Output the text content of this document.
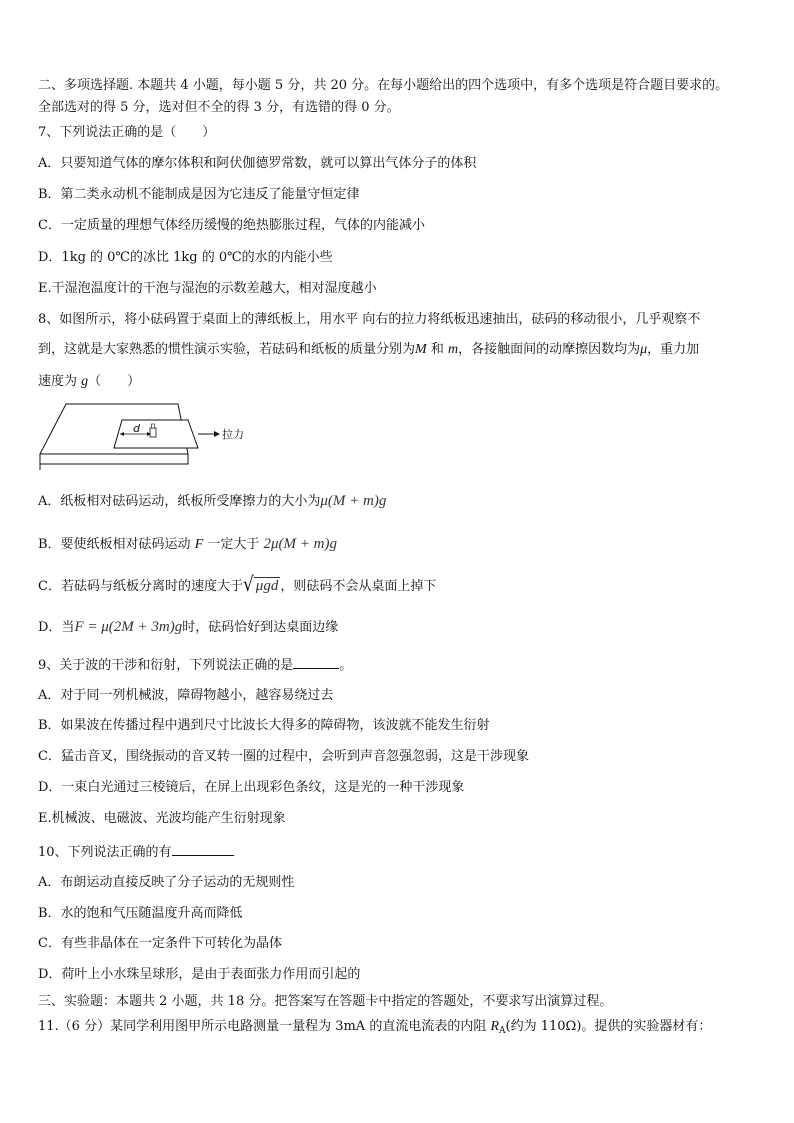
二、多项选择题. 本题共 4 小题，每小题 5 分，共 20 分。在每小题给出的四个选项中，有多个选项是符合题目要求的。
全部选对的得 5 分，选对但不全的得 3 分，有选错的得 0 分。
7、下列说法正确的是（　　）
A．只要知道气体的摩尔体积和阿伏伽德罗常数，就可以算出气体分子的体积
B．第二类永动机不能制成是因为它违反了能量守恒定律
C．一定质量的理想气体经历缓慢的绝热膨胀过程，气体的内能减小
D．1kg 的 0℃的冰比 1kg 的 0℃的水的内能小些
E.干湿泡温度计的干泡与湿泡的示数差越大，相对湿度越小
8、如图所示，将小砝码置于桌面上的薄纸板上，用水平 向右的拉力将纸板迅速抽出，砝码的移动很小，几乎观察不
到，这就是大家熟悉的惯性演示实验，若砝码和纸板的质量分别为M 和 m，各接触面间的动摩擦因数均为μ，重力加
速度为 g（　　）
d	拉力
A．纸板相对砝码运动，纸板所受摩擦力的大小为μ(M + m)g
B．要使纸板相对砝码运动 F 一定大于 2μ(M + m)g
C．若砝码与纸板分离时的速度大于√ μgd ，则砝码不会从桌面上掉下
D．当F = μ(2M + 3m)g时，砝码恰好到达桌面边缘
9、关于波的干涉和衍射，下列说法正确的是	。
A．对于同一列机械波，障碍物越小，越容易绕过去
B．如果波在传播过程中遇到尺寸比波长大得多的障碍物，该波就不能发生衍射
C．猛击音叉，围绕振动的音叉转一圈的过程中，会听到声音忽强忽弱，这是干涉现象
D．一束白光通过三棱镜后，在屏上出现彩色条纹，这是光的一种干涉现象
E.机械波、电磁波、光波均能产生衍射现象
10、下列说法正确的有
A．布朗运动直接反映了分子运动的无规则性
B．水的饱和气压随温度升高而降低
C．有些非晶体在一定条件下可转化为晶体
D．荷叶上小水珠呈球形，是由于表面张力作用而引起的
三、实验题：本题共 2 小题，共 18 分。把答案写在答题卡中指定的答题处，不要求写出演算过程。
11.（6 分）某同学利用图甲所示电路测量一量程为 3mA 的直流电流表的内阻 $R_A$(约为 110Ω)。提供的实验器材有：
